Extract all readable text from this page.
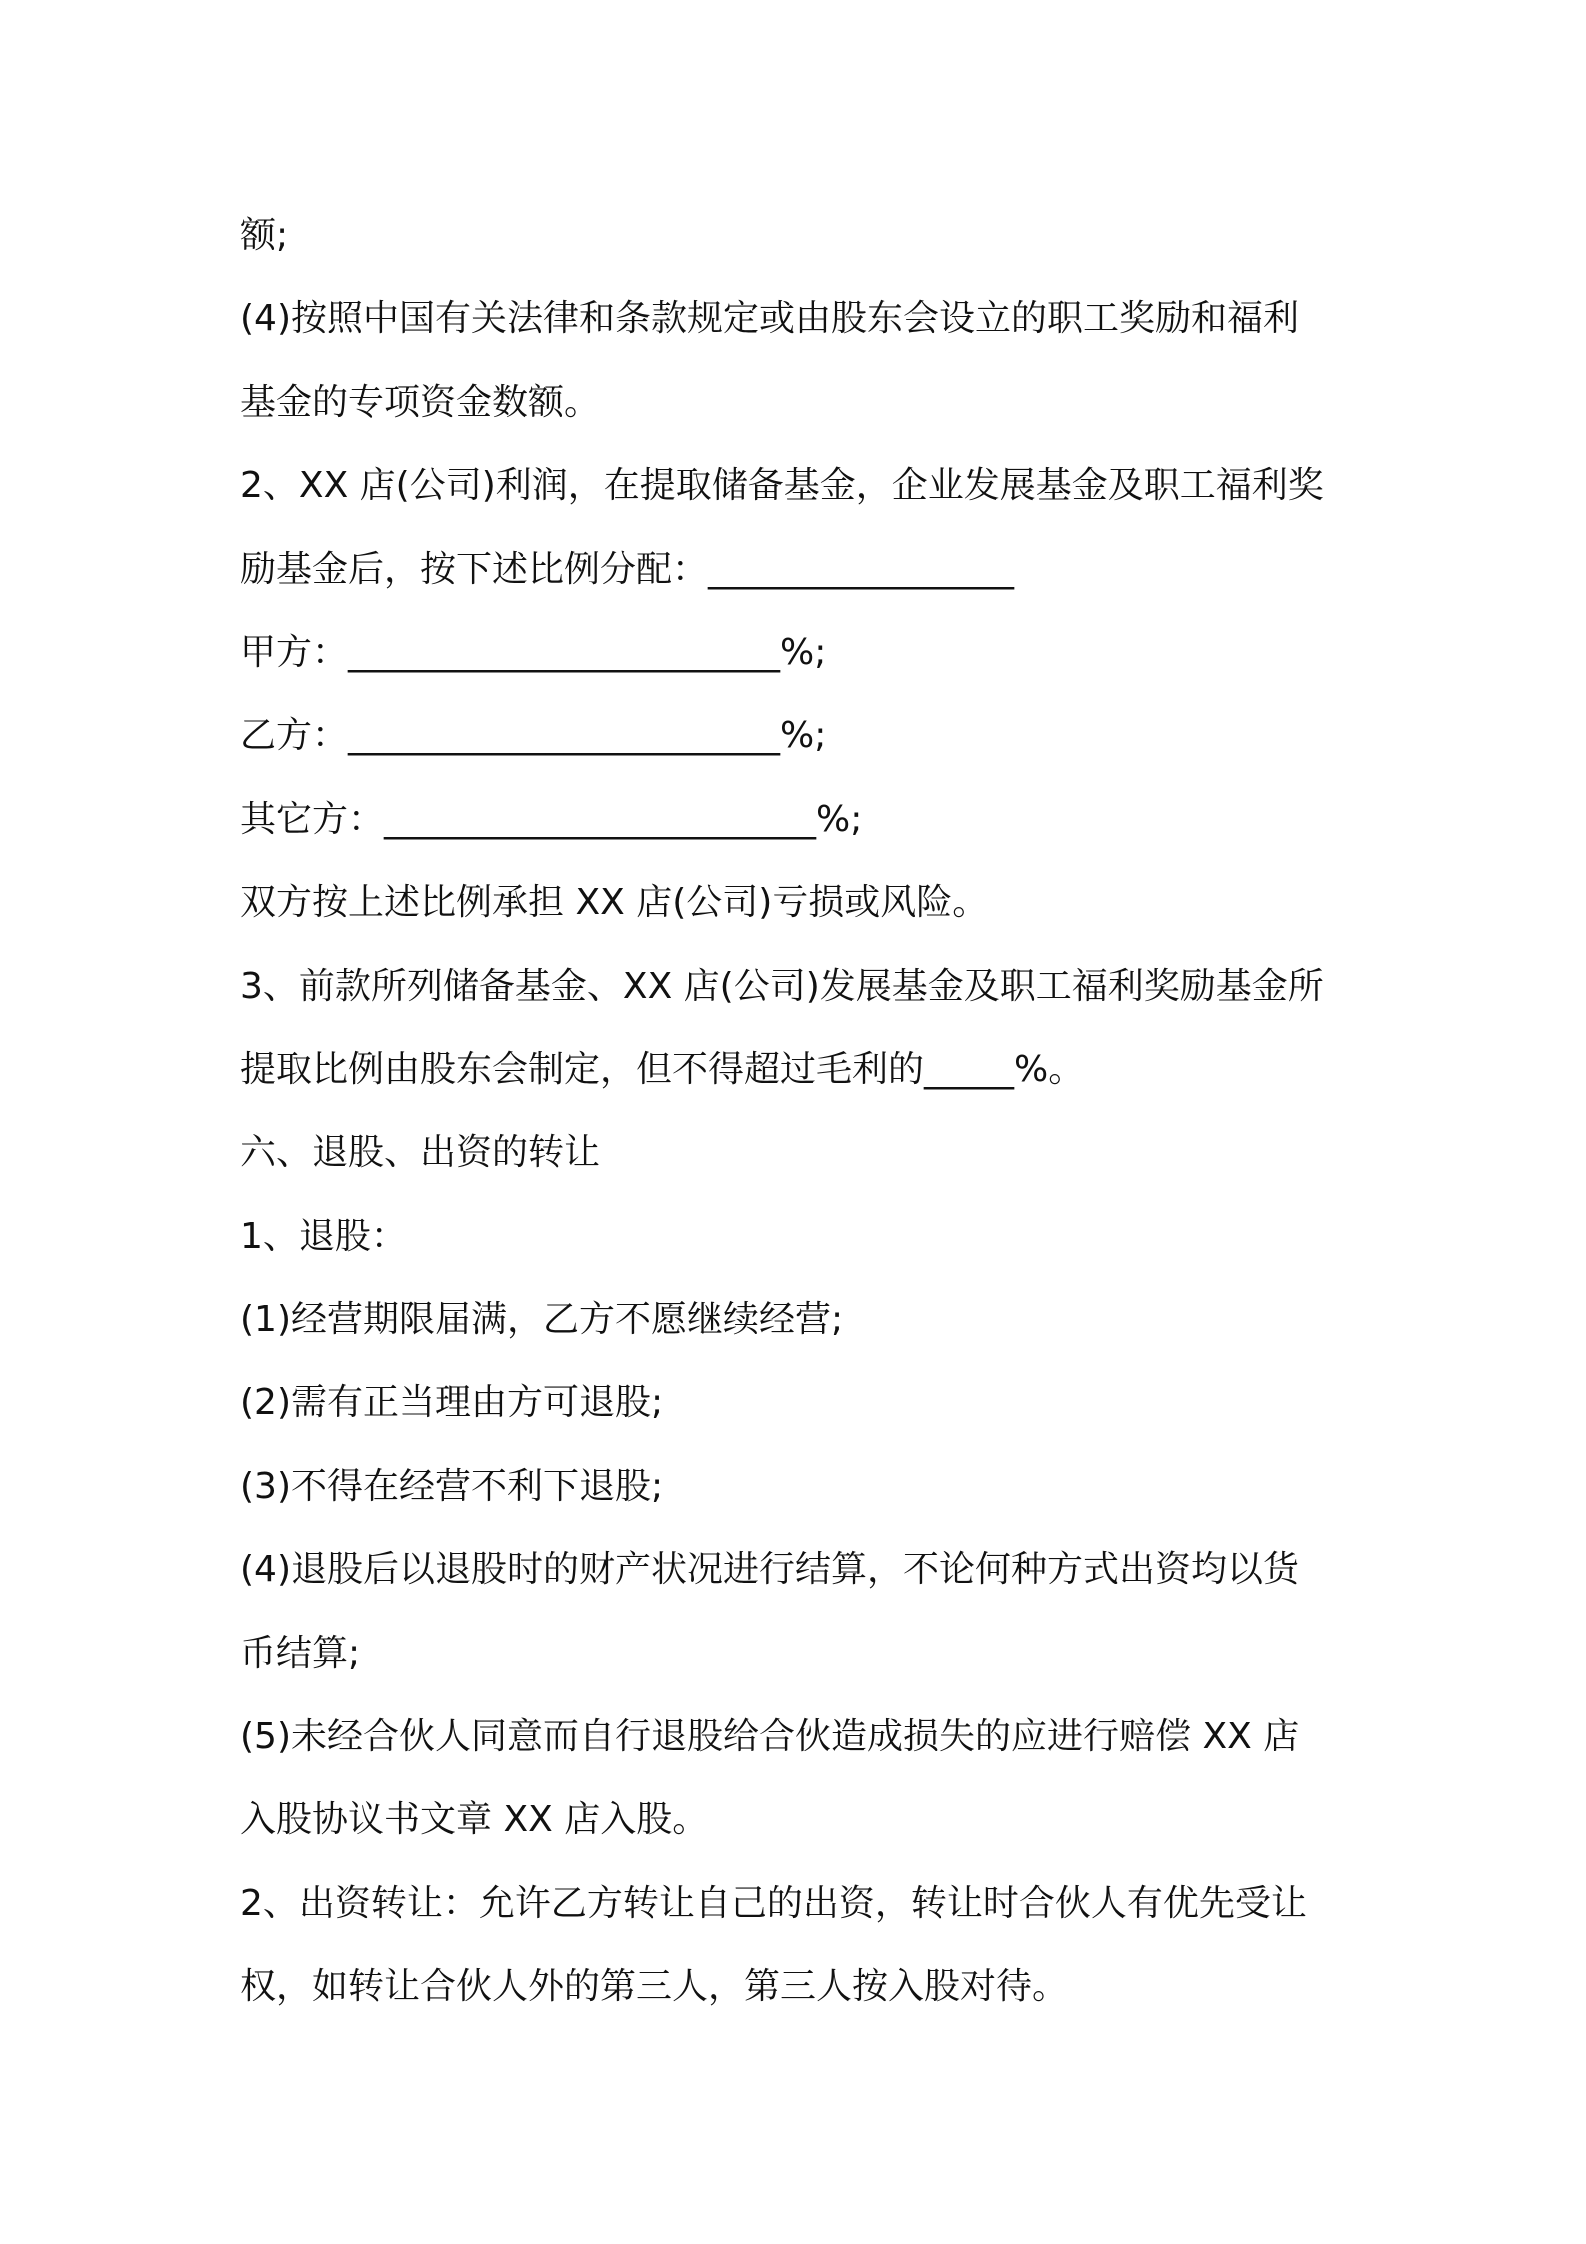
额;
(4)按照中国有关法律和条款规定或由股东会设立的职工奖励和福利
基金的专项资金数额。
2、XX 店(公司)利润，在提取储备基金，企业发展基金及职工福利奖
励基金后，按下述比例分配：_________________
甲方：________________________%;
乙方：________________________%;
其它方：________________________%;
双方按上述比例承担 XX 店(公司)亏损或风险。
3、前款所列储备基金、XX 店(公司)发展基金及职工福利奖励基金所
提取比例由股东会制定，但不得超过毛利的_____%。
六、退股、出资的转让
1、退股：
(1)经营期限届满，乙方不愿继续经营;
(2)需有正当理由方可退股;
(3)不得在经营不利下退股;
(4)退股后以退股时的财产状况进行结算，不论何种方式出资均以货
币结算;
(5)未经合伙人同意而自行退股给合伙造成损失的应进行赔偿 XX 店
入股协议书文章 XX 店入股。
2、出资转让：允许乙方转让自己的出资，转让时合伙人有优先受让
权，如转让合伙人外的第三人，第三人按入股对待。
